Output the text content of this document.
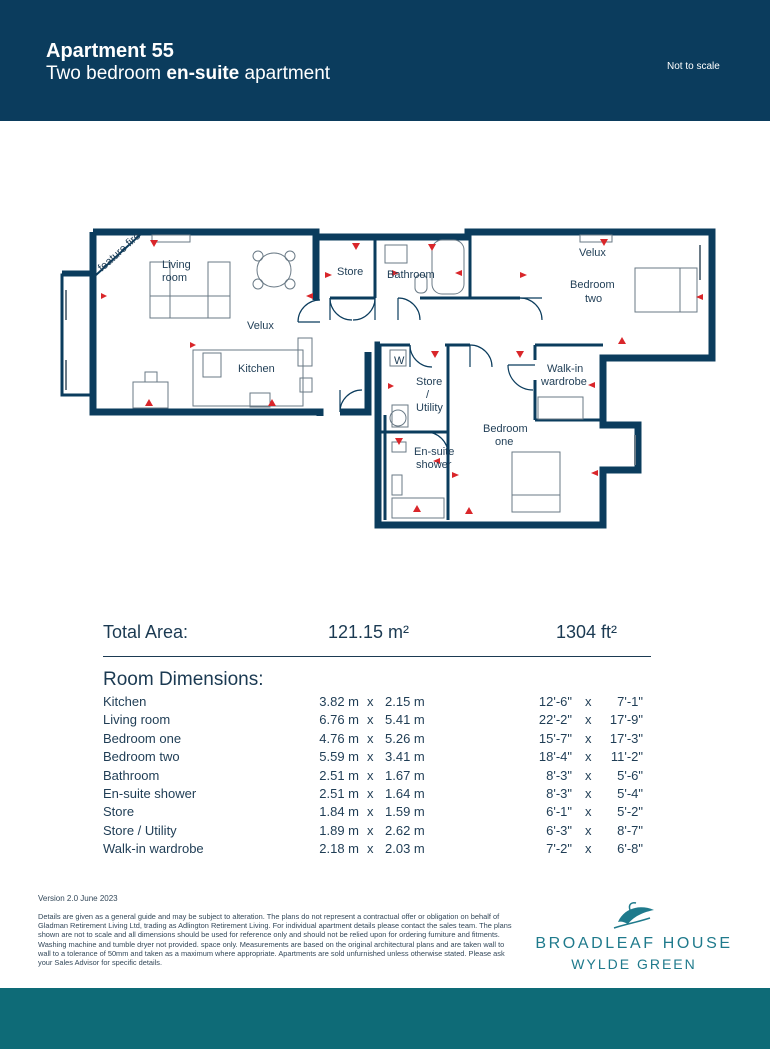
Apartment 55
Two bedroom en-suite apartment	Not to scale
feature fire Living
room
Velux
Kitchen
Store Bathroom
Velux
Bedroom
two
W
Store
/
Utility
Walk-in
wardrobe
Bedroom
one
En-suite
shower
Total Area:	121.15 m²	1304 ft²
Room Dimensions:
Kitchen	3.82 m x 2.15 m	12'-6" x	7'-1"
Living room	6.76 m x 5.41 m	22'-2" x	17'-9"
Bedroom one	4.76 m x 5.26 m	15'-7" x	17'-3"
Bedroom two	5.59 m x 3.41 m	18'-4" x	11'-2"
Bathroom	2.51 m x 1.67 m	8'-3" x	5'-6"
En-suite shower	2.51 m x 1.64 m	8'-3" x	5'-4"
Store	1.84 m x 1.59 m	6'-1" x	5'-2"
Store / Utility	1.89 m x 2.62 m	6'-3" x	8'-7"
Walk-in wardrobe	2.18 m x 2.03 m	7'-2" x	6'-8"
Version 2.0 June 2023
Details are given as a general guide and may be subject to alteration. The plans do not represent a contractual offer or obligation on behalf of Gladman Retirement Living Ltd, trading as Adlington Retirement Living. For individual apartment details please contact the sales team. The plans shown are not to scale and all dimensions should be used for reference only and should not be relied upon for ordering furniture and fitments. Washing machine and tumble dryer not provided. space only. Measurements are based on the original architectural plans and are taken wall to wall to a tolerance of 50mm and taken as a maximum where appropriate. Apartments are sold unfurnished unless otherwise stated. Please ask your Sales Advisor for specific details.
BROADLEAF HOUSE
WYLDE GREEN
